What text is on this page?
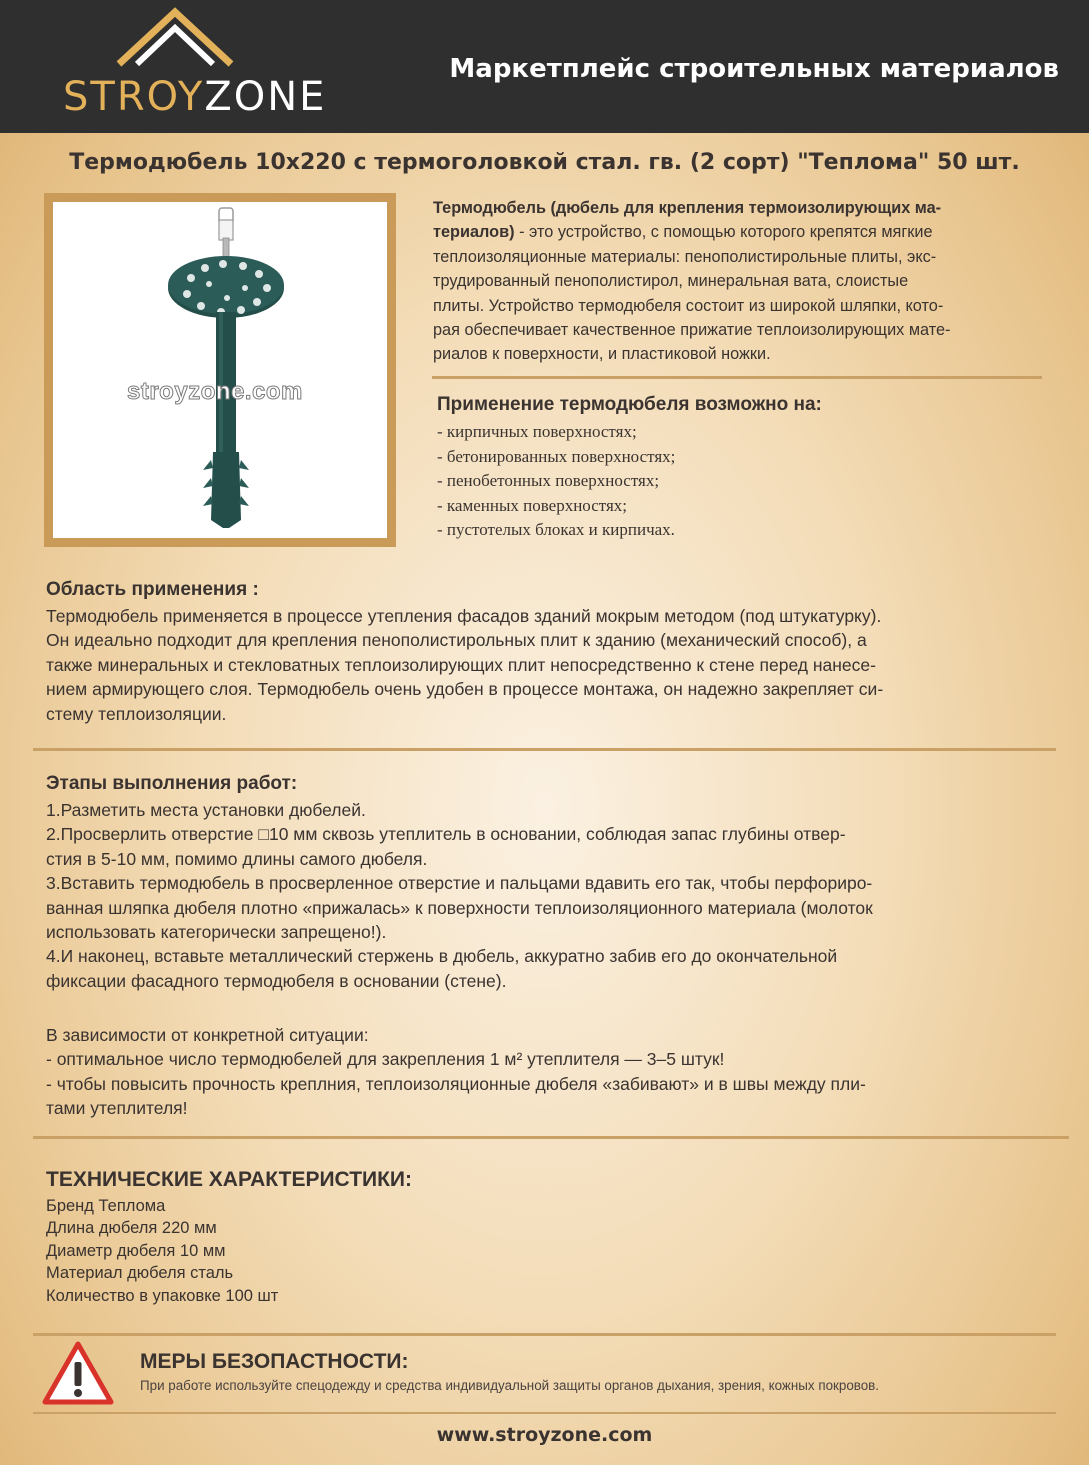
STROYZONE
Маркетплейс строительных материалов
Термодюбель 10x220 с термоголовкой стал. гв. (2 сорт) "Теплома" 50 шт.
stroyzone.com
Термодюбель (дюбель для крепления термоизолирующих ма-
териалов) - это устройство, с помощью которого крепятся мягкие
теплоизоляционные материалы: пенополистирольные плиты, экс-
трудированный пенополистирол, минеральная вата, слоистые
плиты. Устройство термодюбеля состоит из широкой шляпки, кото-
рая обеспечивает качественное прижатие теплоизолирующих мате-
риалов к поверхности, и пластиковой ножки.
Применение термодюбеля возможно на:
- кирпичных поверхностях;
- бетонированных поверхностях;
- пенобетонных поверхностях;
- каменных поверхностях;
- пустотелых блоках и кирпичах.
Область применения :
Термодюбель применяется в процессе утепления фасадов зданий мокрым методом (под штукатурку).
Он идеально подходит для крепления пенополистирольных плит к зданию (механический способ), а
также минеральных и стекловатных теплоизолирующих плит непосредственно к стене перед нанесе-
нием армирующего слоя. Термодюбель очень удобен в процессе монтажа, он надежно закрепляет си-
стему теплоизоляции.
Этапы выполнения работ:
1.Разметить места установки дюбелей.
2.Просверлить отверстие □10 мм сквозь утеплитель в основании, соблюдая запас глубины отвер-
стия в 5-10 мм, помимо длины самого дюбеля.
3.Вставить термодюбель в просверленное отверстие и пальцами вдавить его так, чтобы перфориро-
ванная шляпка дюбеля плотно «прижалась» к поверхности теплоизоляционного материала (молоток
использовать категорически запрещено!).
4.И наконец, вставьте металлический стержень в дюбель, аккуратно забив его до окончательной
фиксации фасадного термодюбеля в основании (стене).
В зависимости от конкретной ситуации:
- оптимальное число термодюбелей для закрепления 1 м² утеплителя — 3–5 штук!
- чтобы повысить прочность креплния, теплоизоляционные дюбеля «забивают» и в швы между пли-
тами утеплителя!
ТЕХНИЧЕСКИЕ ХАРАКТЕРИСТИКИ:
Бренд Теплома
Длина дюбеля 220 мм
Диаметр дюбеля 10 мм
Материал дюбеля сталь
Количество в упаковке 100 шт
МЕРЫ БЕЗОПАСТНОСТИ:
При работе используйте спецодежду и средства индивидуальной защиты органов дыхания, зрения, кожных покровов.
www.stroyzone.com
